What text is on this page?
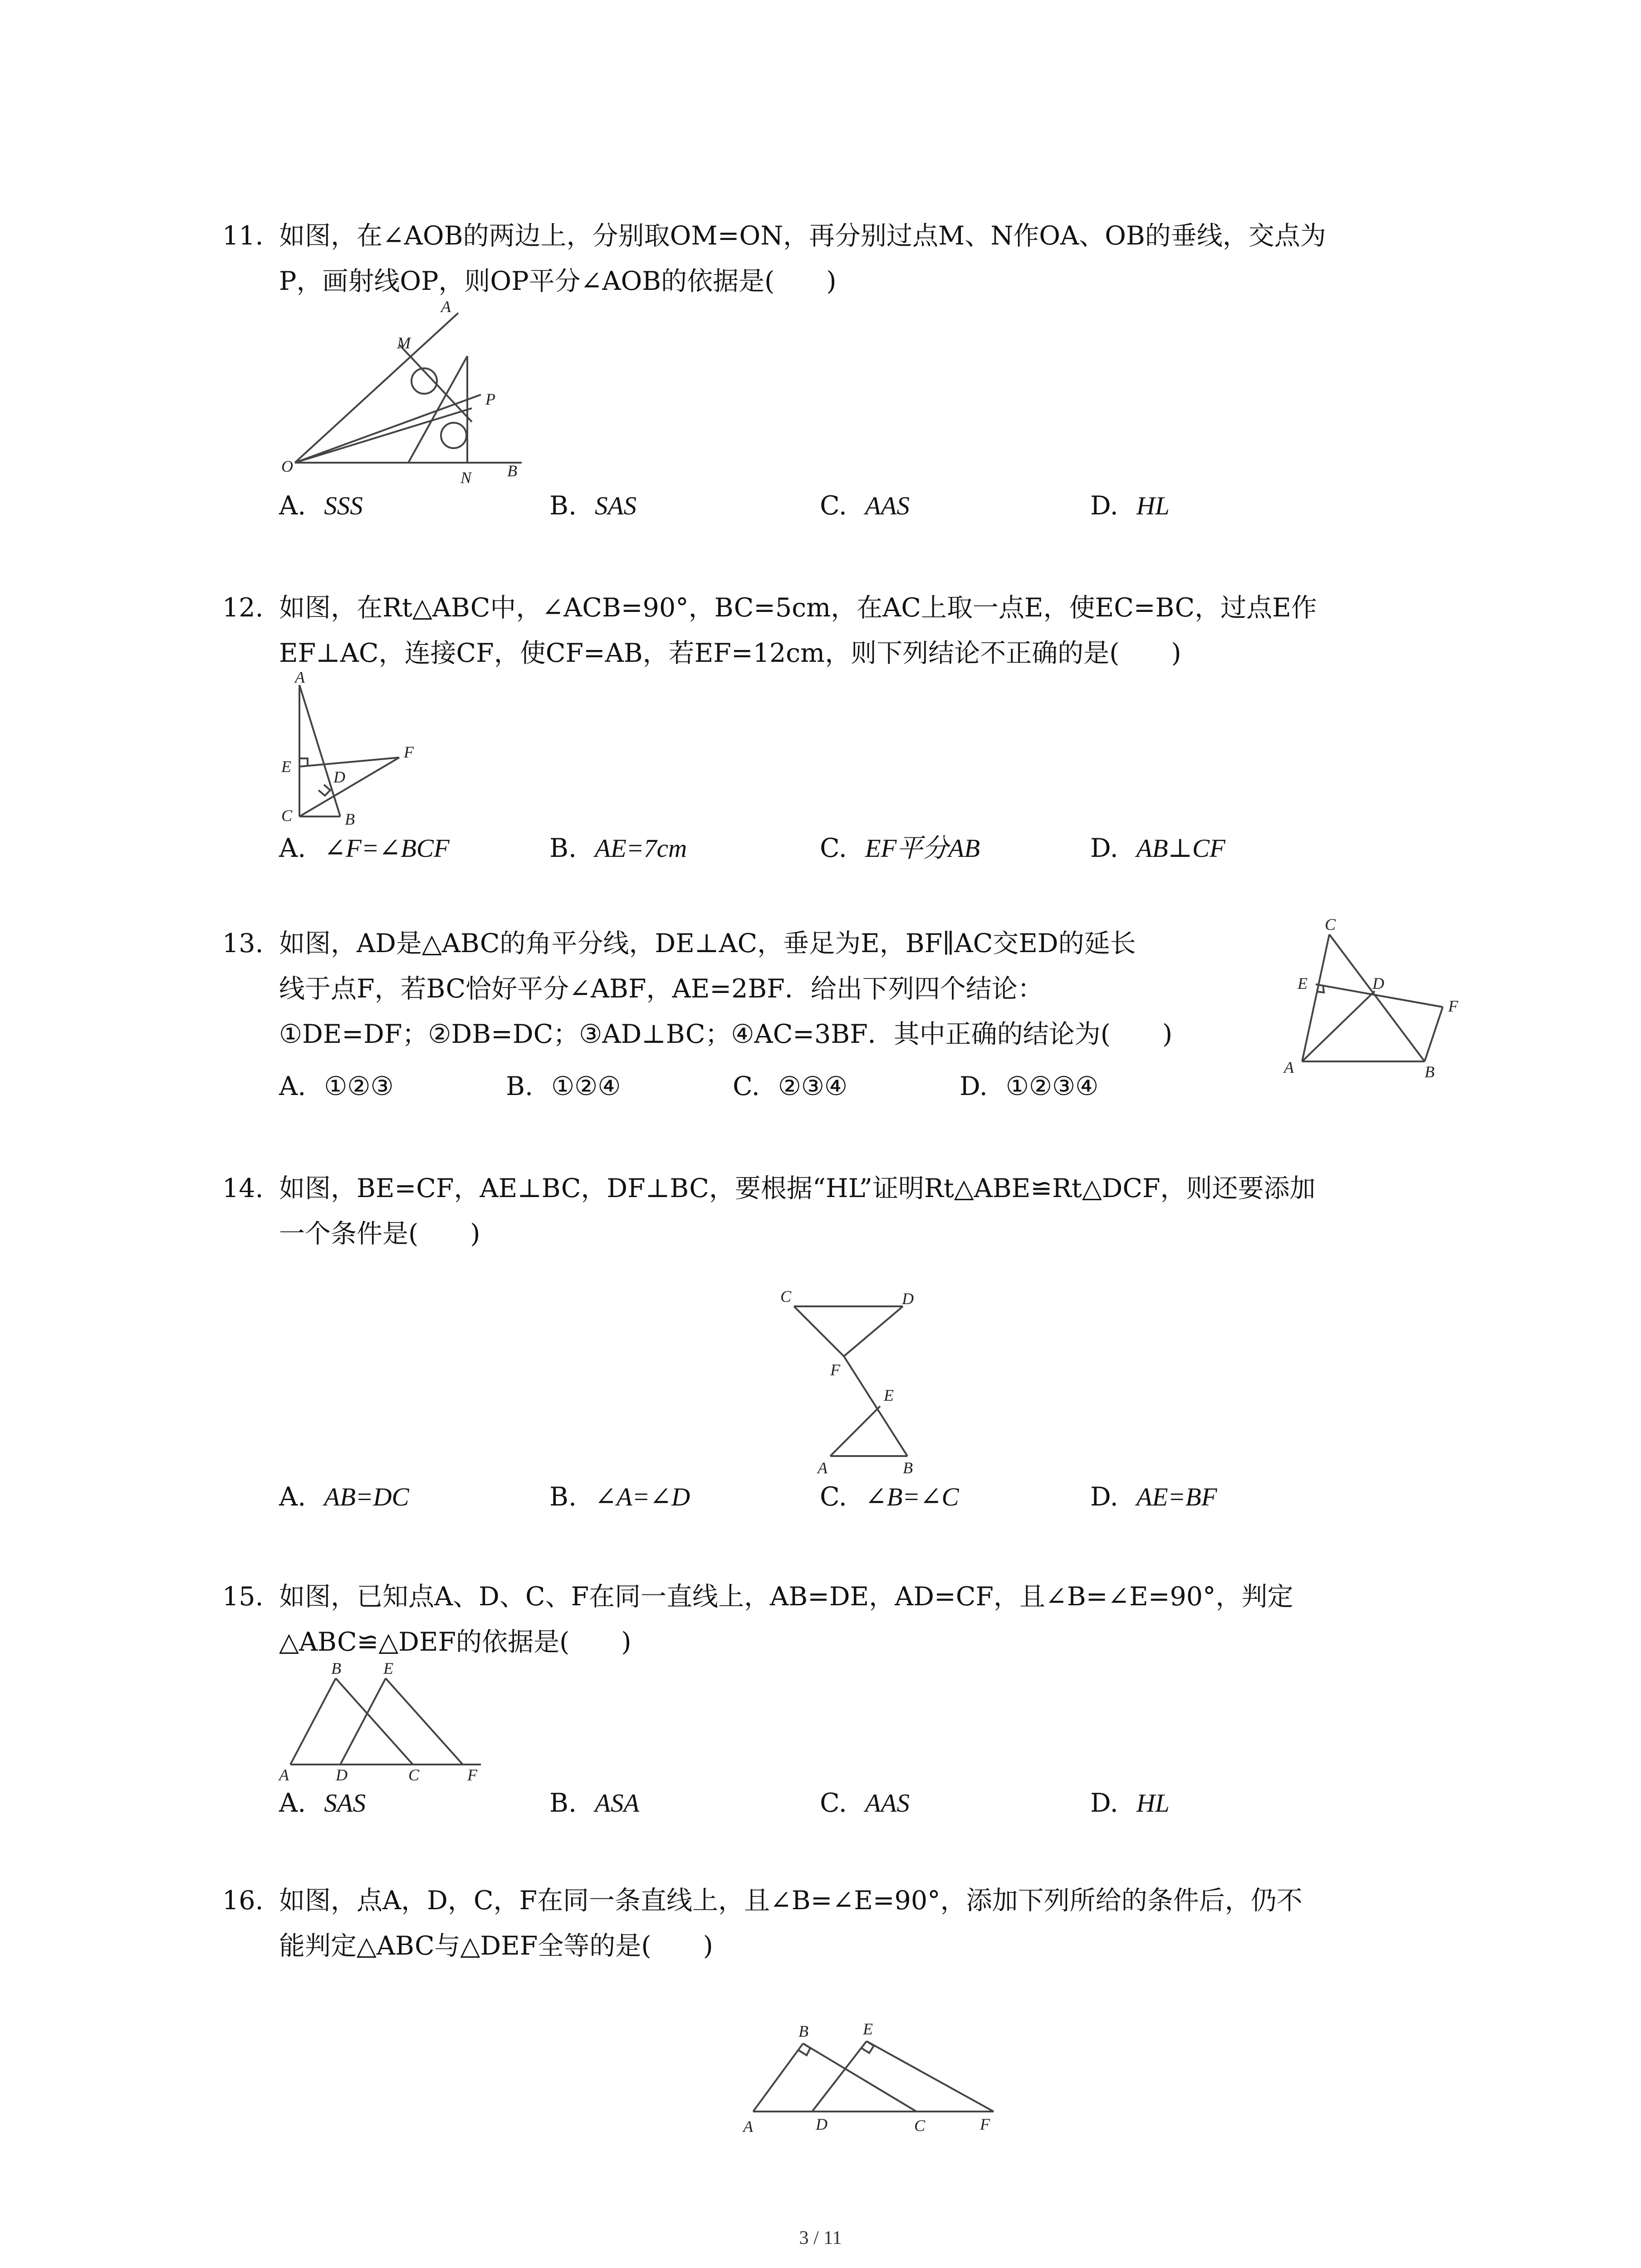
11. 如图，在∠AOB的两边上，分别取OM=ON，再分别过点M、N作OA、OB的垂线，交点为
P，画射线OP，则OP平分∠AOB的依据是(　　)
A
M
P
O
N B
A. SSS	B. SAS	C. AAS	D. HL
12. 如图，在Rt△ABC中，∠ACB=90°，BC=5cm，在AC上取一点E，使EC=BC，过点E作
EF⊥AC，连接CF，使CF=AB，若EF=12cm，则下列结论不正确的是(　　)
A
E
D
F
C	B
A. ∠F=∠BCF	B. AE=7cm	C. EF平分AB	D. AB⊥CF
13. 如图，AD是△ABC的角平分线，DE⊥AC，垂足为E，BF∥AC交ED的延长
线于点F，若BC恰好平分∠ABF，AE=2BF．给出下列四个结论：
①DE=DF；②DB=DC；③AD⊥BC；④AC=3BF．其中正确的结论为(　　)
C
E	D
F
A	B
A. ①②③	B. ①②④	C. ②③④	D. ①②③④
14. 如图，BE=CF，AE⊥BC，DF⊥BC，要根据“HL”证明Rt△ABE≌Rt△DCF，则还要添加
一个条件是(　　)
C	D
F
E
A	B
A. AB=DC	B. ∠A=∠D	C. ∠B=∠C	D. AE=BF
15. 如图，已知点A、D、C、F在同一直线上，AB=DE，AD=CF，且∠B=∠E=90°，判定
△ABC≌△DEF的依据是(　　)
B	E
A	D	C	F
A. SAS	B. ASA	C. AAS	D. HL
16. 如图，点A，D，C，F在同一条直线上，且∠B=∠E=90°，添加下列所给的条件后，仍不
能判定△ABC与△DEF全等的是(　　)
B	E
A	D	C	F
3 / 11
